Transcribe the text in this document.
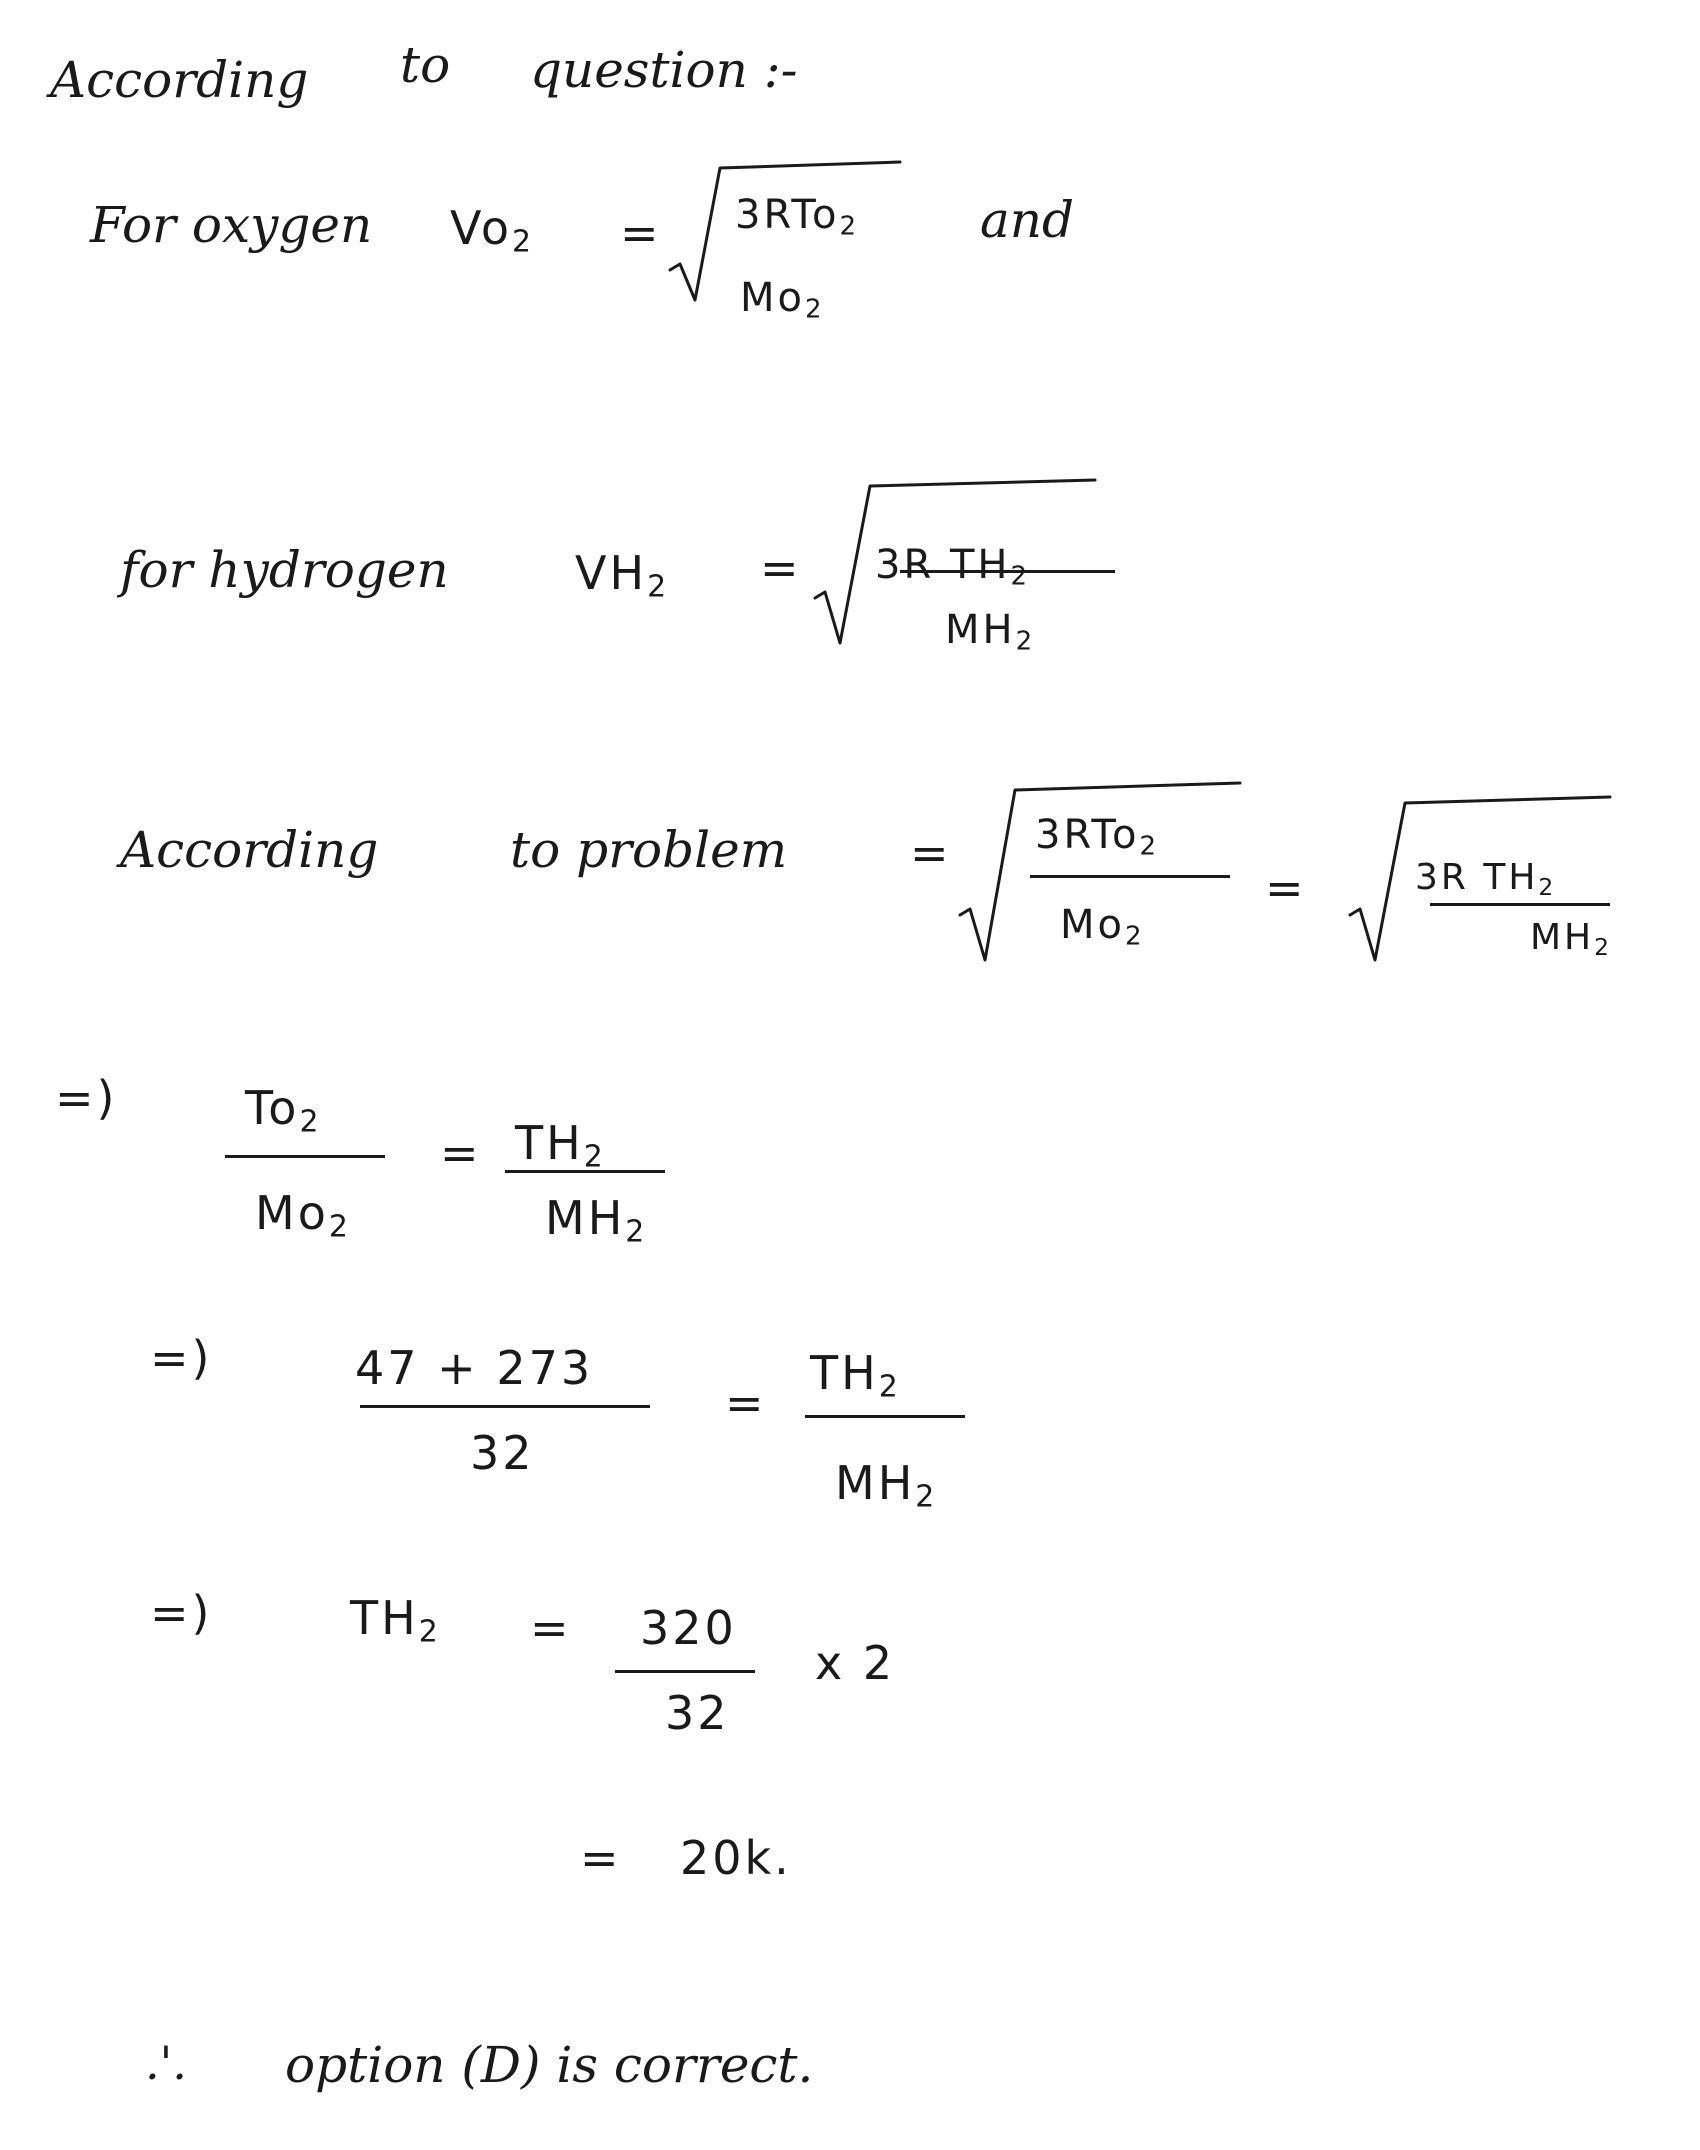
According to question :-
For oxygen $Vo_2 = 3RTo_2$
$Mo_2$
and
for hydrogen	$VH_2 = 3R$ $TH_2$
$MH_2$
According	to problem	= 3RTo$_2$
$Mo_2$
=	3R $TH_2$
$MH_2$
=)	$To_2$
$Mo_2$
= $TH_2$
$MH_2$
=)	47 + 273
32
=
$TH_2$
$MH_2$
=)	$TH_2 = 320$
32
x 2
= 20k.
.'. option (D) is correct.
